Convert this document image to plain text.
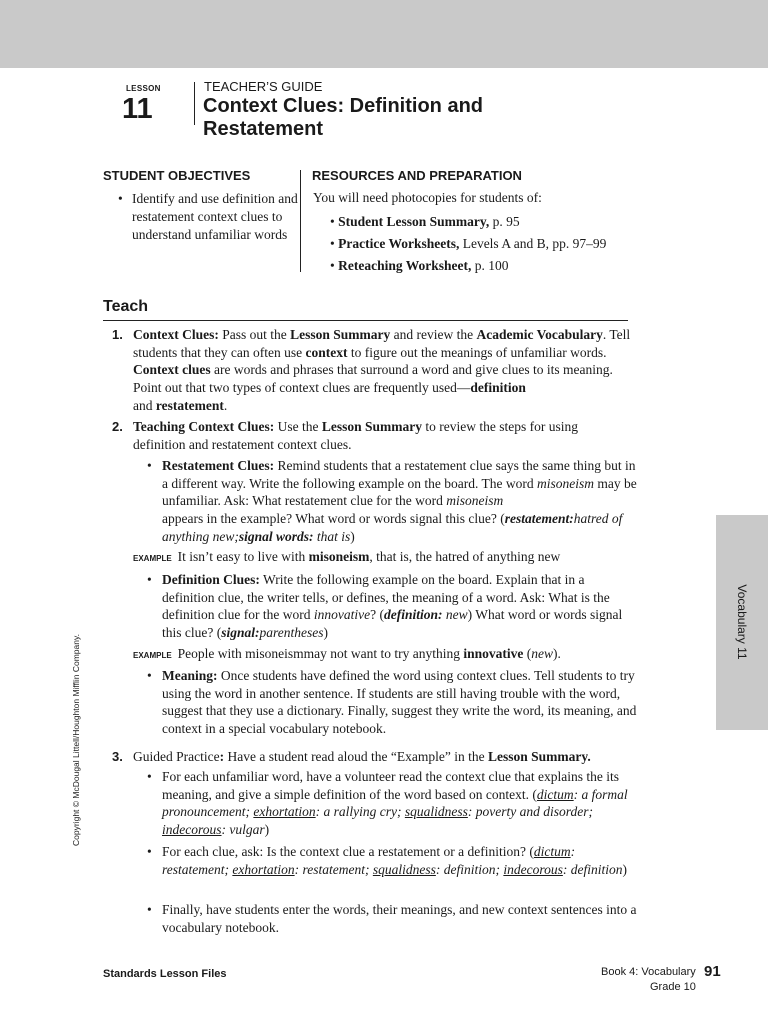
LESSON
11
TEACHER’S GUIDE
Context Clues: Definition and
Restatement
STUDENT OBJECTIVES
• Identify and use definition and restatement context clues to understand unfamiliar words
RESOURCES AND PREPARATION
You will need photocopies for students of:
• Student Lesson Summary, p. 95
• Practice Worksheets, Levels A and B, pp. 97–99
• Reteaching Worksheet, p. 100
Teach
1. Context Clues: Pass out the Lesson Summary and review the Academic Vocabulary. Tell students that they can often use context to figure out the meanings of unfamiliar words. Context clues are words and phrases that surround a word and give clues to its meaning. Point out that two types of context clues are frequently used—definition
and restatement.
2. Teaching Context Clues: Use the Lesson Summary to review the steps for using definition and restatement context clues.
• Restatement Clues: Remind students that a restatement clue says the same thing but in a different way. Write the following example on the board. The word misoneism may be unfamiliar. Ask: What restatement clue for the word misoneism
appears in the example? What word or words signal this clue? (restatement:hatred of anything new;signal words: that is)
EXAMPLE It isn’t easy to live with misoneism, that is, the hatred of anything new
• Definition Clues: Write the following example on the board. Explain that in a definition clue, the writer tells, or defines, the meaning of a word. Ask: What is the definition clue for the word innovative? (definition: new) What word or words signal this clue? (signal:parentheses)
EXAMPLE People with misoneismmay not want to try anything innovative (new).
• Meaning: Once students have defined the word using context clues. Tell students to try using the word in another sentence. If students are still having trouble with the word, suggest that they use a dictionary. Finally, suggest they write the word, its meaning, and context in a special vocabulary notebook.
3. Guided Practice: Have a student read aloud the “Example” in the Lesson Summary.
• For each unfamiliar word, have a volunteer read the context clue that explains the its meaning, and give a simple definition of the word based on context. (dictum: a formal pronouncement; exhortation: a rallying cry; squalidness: poverty and disorder; indecorous: vulgar)
• For each clue, ask: Is the context clue a restatement or a definition? (dictum: restatement; exhortation: restatement; squalidness: definition; indecorous: definition)
• Finally, have students enter the words, their meanings, and new context sentences into a vocabulary notebook.
Copyright © McDougal Littell/Houghton Mifflin Company.
Vocabulary 11
Standards Lesson Files	Book 4: Vocabulary
Grade 10
91
